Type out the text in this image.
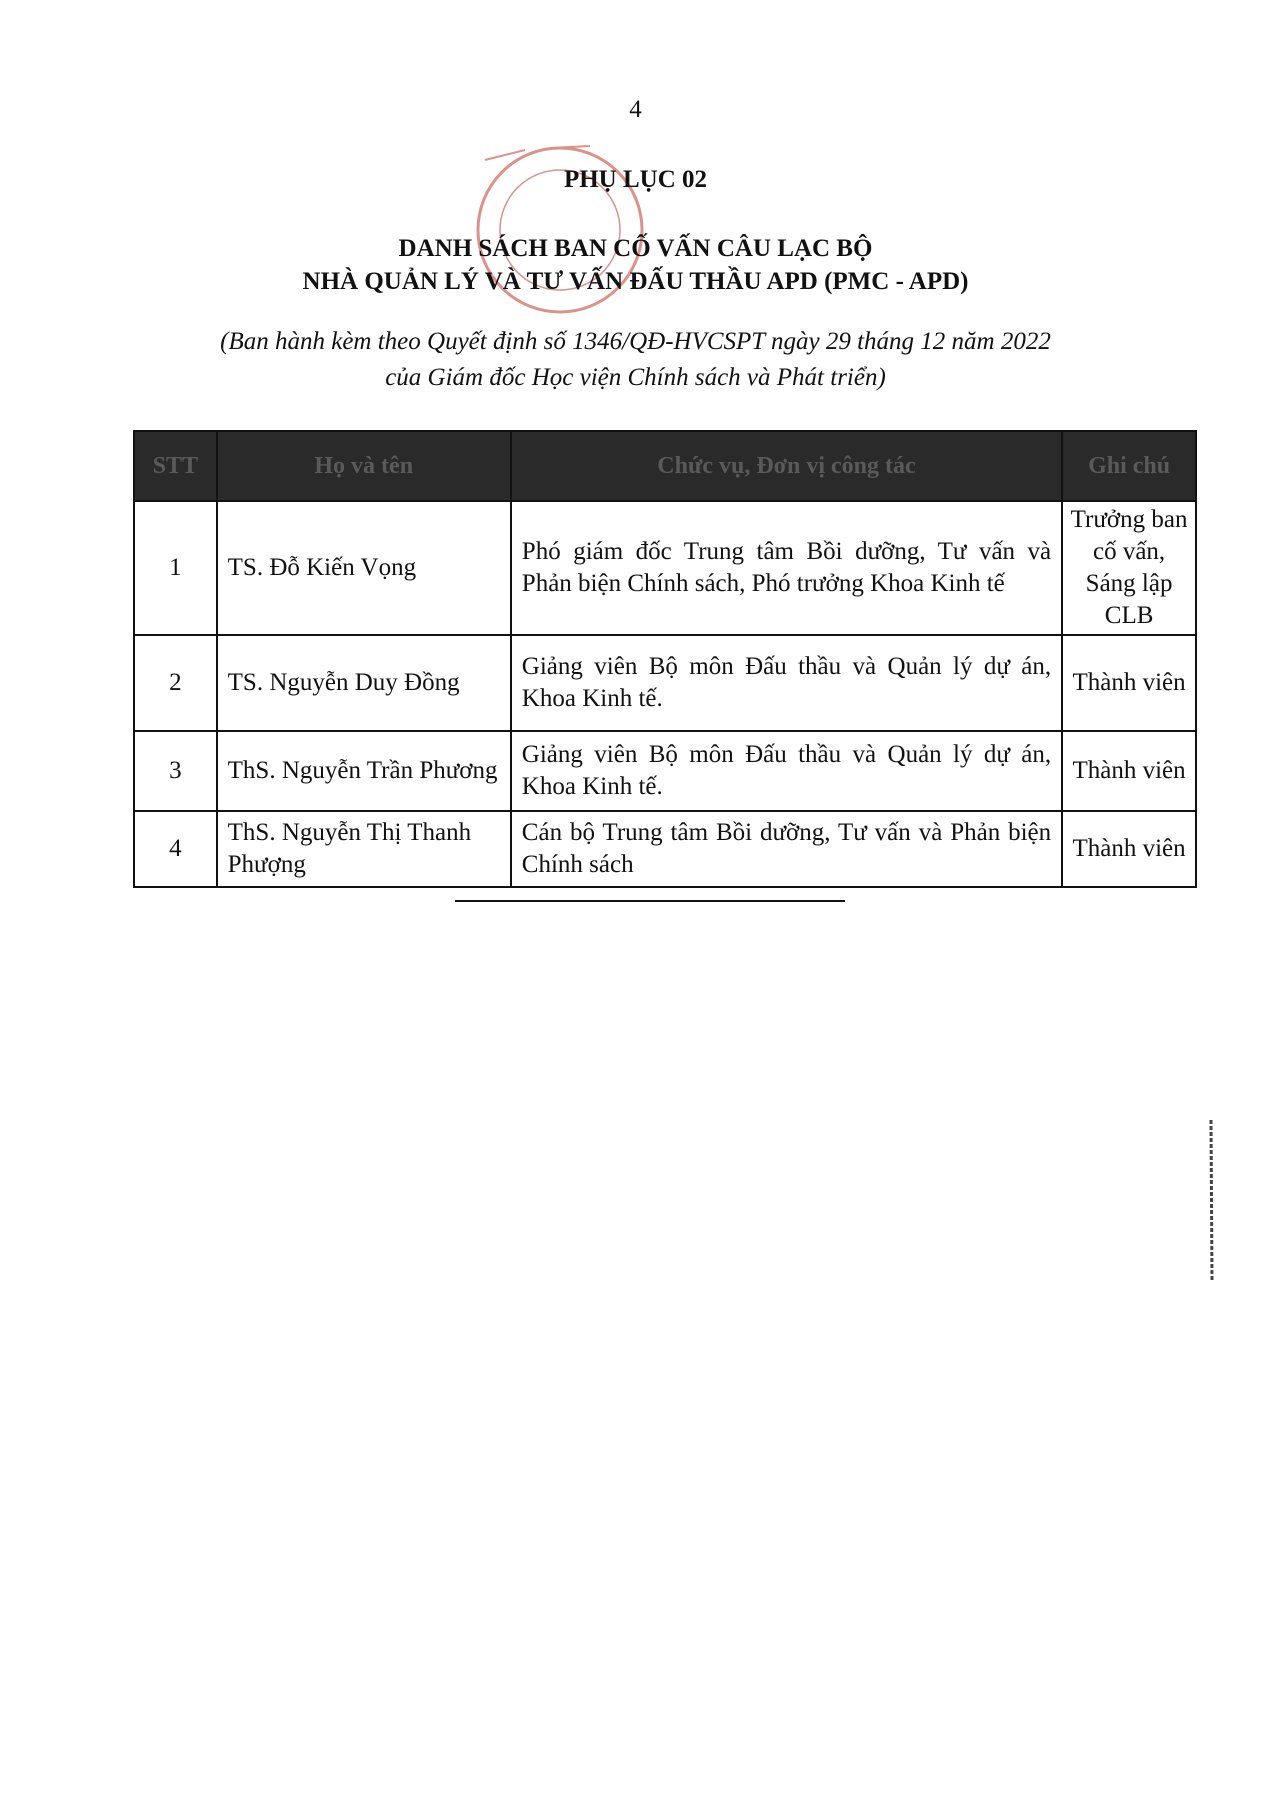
4
PHỤ LỤC 02
DANH SÁCH BAN CỐ VẤN CÂU LẠC BỘ
NHÀ QUẢN LÝ VÀ TƯ VẤN ĐẤU THẦU APD (PMC - APD)
(Ban hành kèm theo Quyết định số 1346/QĐ-HVCSPT ngày 29 tháng 12 năm 2022
của Giám đốc Học viện Chính sách và Phát triển)
STT	Họ và tên	Chức vụ, Đơn vị công tác	Ghi chú
1	TS. Đỗ Kiến Vọng	Phó giám đốc Trung tâm Bồi dưỡng, Tư vấn và Phản biện Chính sách, Phó trưởng Khoa Kinh tế	Trưởng ban cố vấn, Sáng lập CLB
2	TS. Nguyễn Duy Đồng	Giảng viên Bộ môn Đấu thầu và Quản lý dự án, Khoa Kinh tế.	Thành viên
3	ThS. Nguyễn Trần Phương	Giảng viên Bộ môn Đấu thầu và Quản lý dự án, Khoa Kinh tế.	Thành viên
4	ThS. Nguyễn Thị Thanh Phượng	Cán bộ Trung tâm Bồi dưỡng, Tư vấn và Phản biện Chính sách	Thành viên
